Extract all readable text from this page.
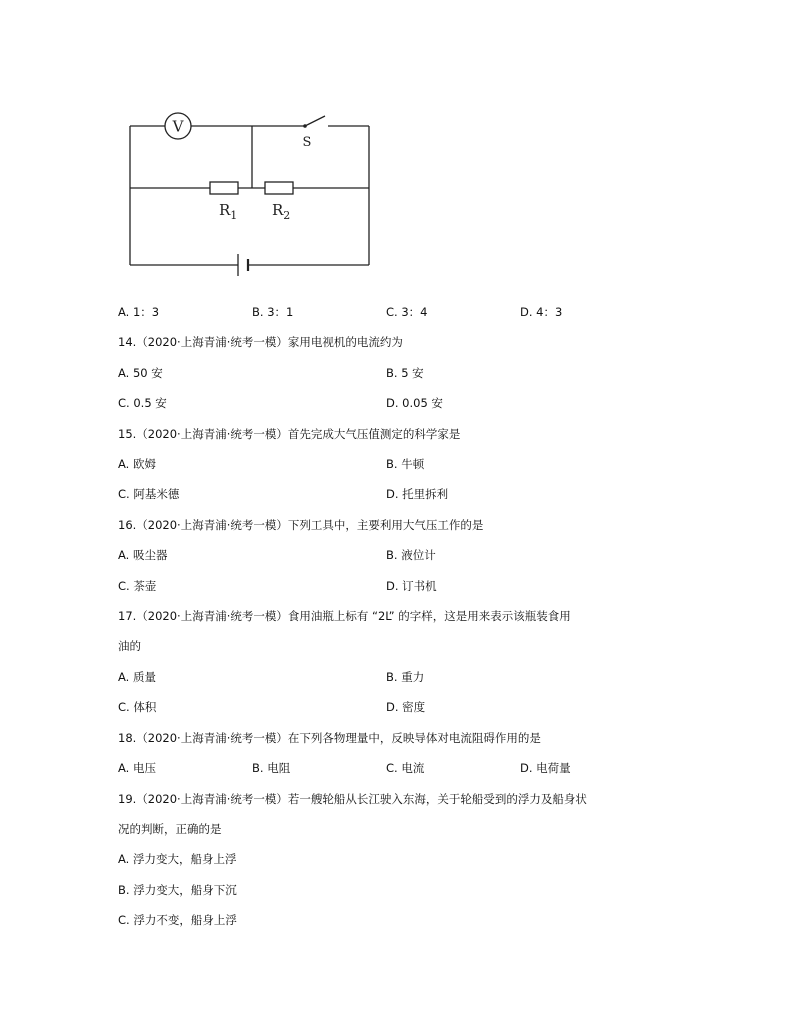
V
S
$R_1$ $R_2$
A. 1：3	B. 3：1	C. 3：4	D. 4：3
14.（2020·上海青浦·统考一模）家用电视机的电流约为
A. 50 安	B. 5 安
C. 0.5 安	D. 0.05 安
15.（2020·上海青浦·统考一模）首先完成大气压值测定的科学家是
A. 欧姆	B. 牛顿
C. 阿基米德	D. 托里拆利
16.（2020·上海青浦·统考一模）下列工具中，主要利用大气压工作的是
A. 吸尘器	B. 液位计
C. 茶壶	D. 订书机
17.（2020·上海青浦·统考一模）食用油瓶上标有 “2L” 的字样，这是用来表示该瓶装食用
油的
A. 质量	B. 重力
C. 体积	D. 密度
18.（2020·上海青浦·统考一模）在下列各物理量中，反映导体对电流阻碍作用的是
A. 电压	B. 电阻	C. 电流	D. 电荷量
19.（2020·上海青浦·统考一模）若一艘轮船从长江驶入东海，关于轮船受到的浮力及船身状
况的判断，正确的是
A. 浮力变大，船身上浮
B. 浮力变大，船身下沉
C. 浮力不变，船身上浮
